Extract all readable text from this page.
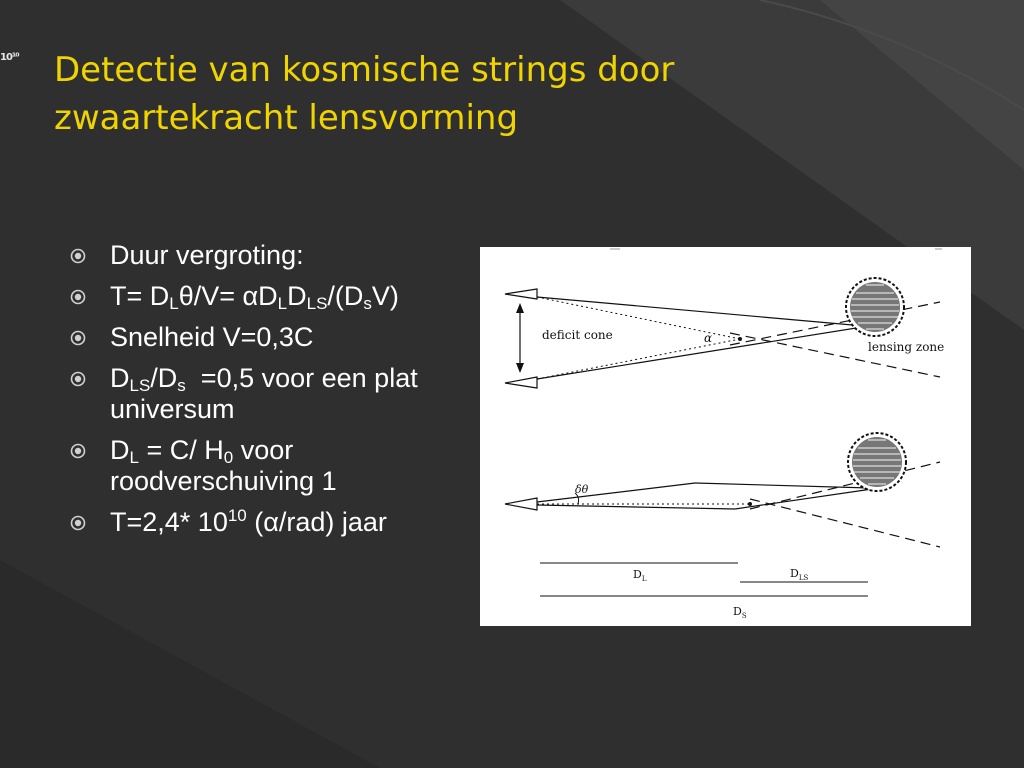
10¹⁰ Detectie van kosmische strings door
zwaartekracht lensvorming
Duur vergroting:
$T= D_L\theta/V= \alpha D_LD_{LS}/(D_sV)$
Snelheid V=0,3C
$D_{LS}/D_s =0,5$ voor een plat universum
$D_L = C/$ $H_0$ voor roodverschuiving 1
T=2,4* $10^{10}$ (α/rad) jaar
deficit cone	α
lensing zone
δθ
$D_L$	$D_{LS}$
$D_S$
